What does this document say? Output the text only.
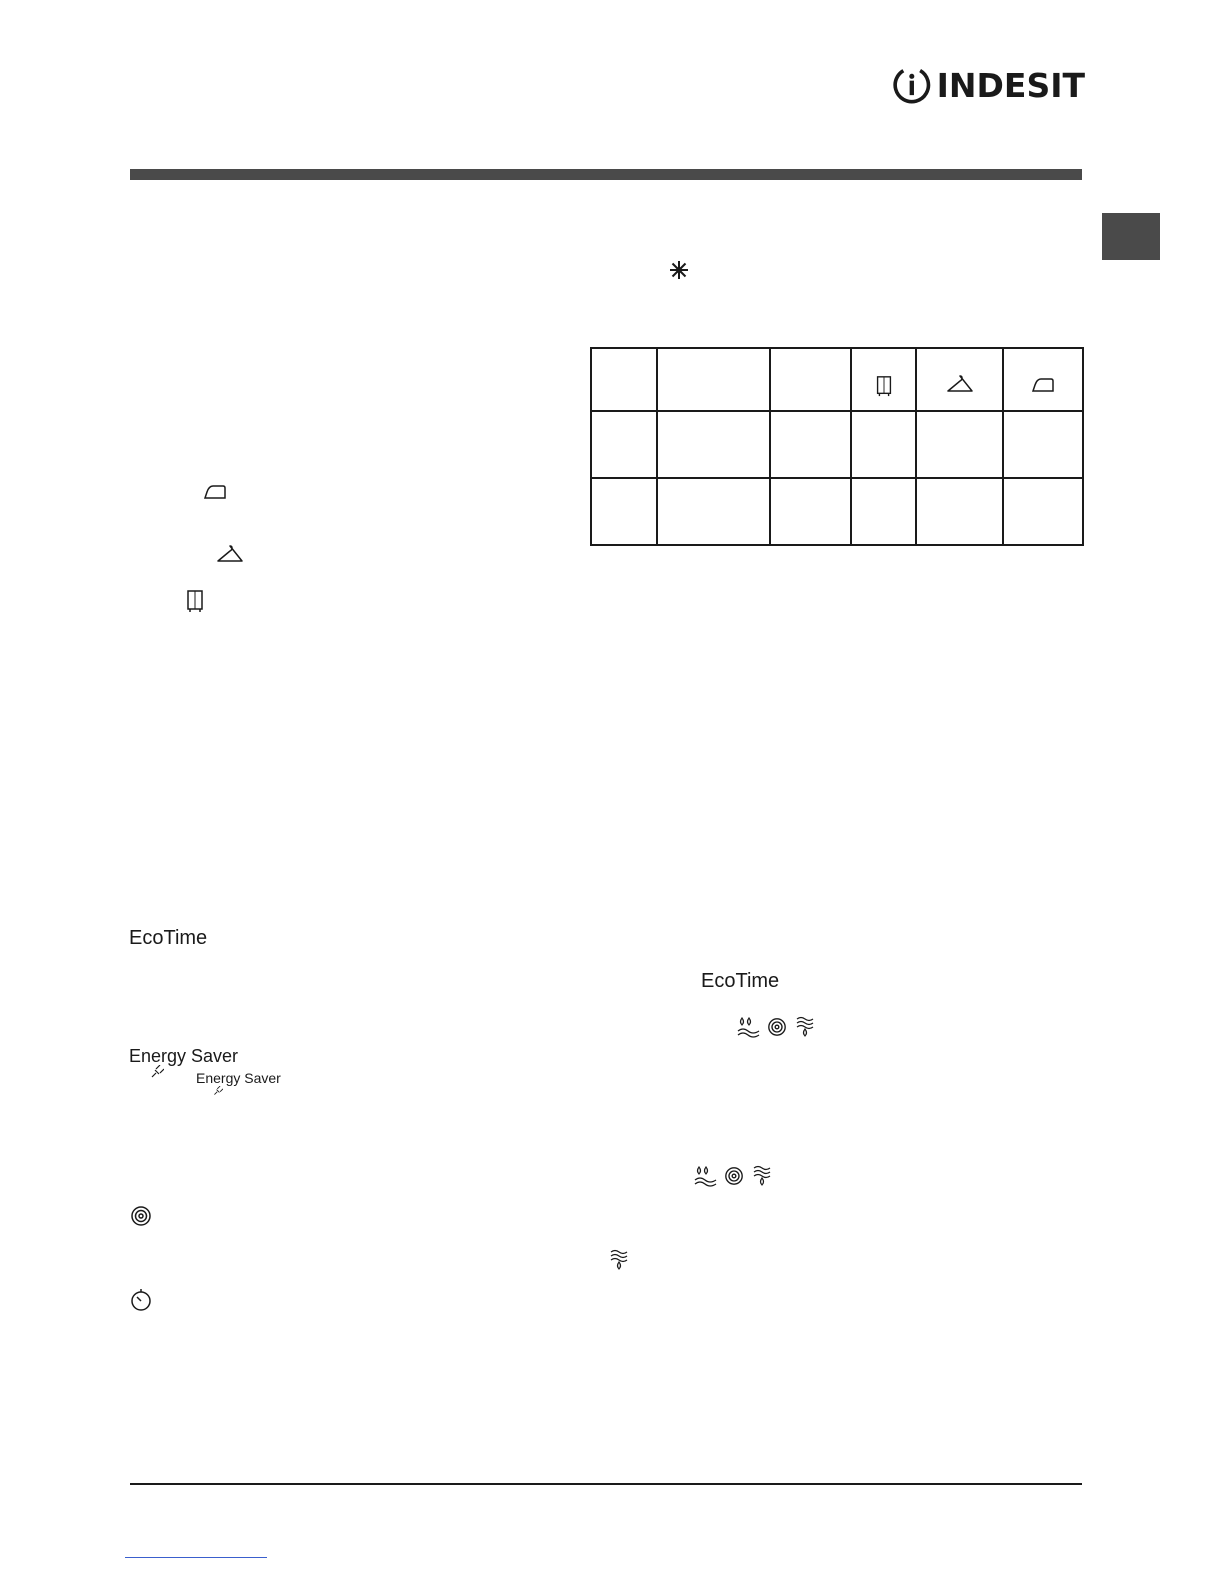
INDESIT
EcoTime
Energy Saver
Energy Saver

EcoTime
